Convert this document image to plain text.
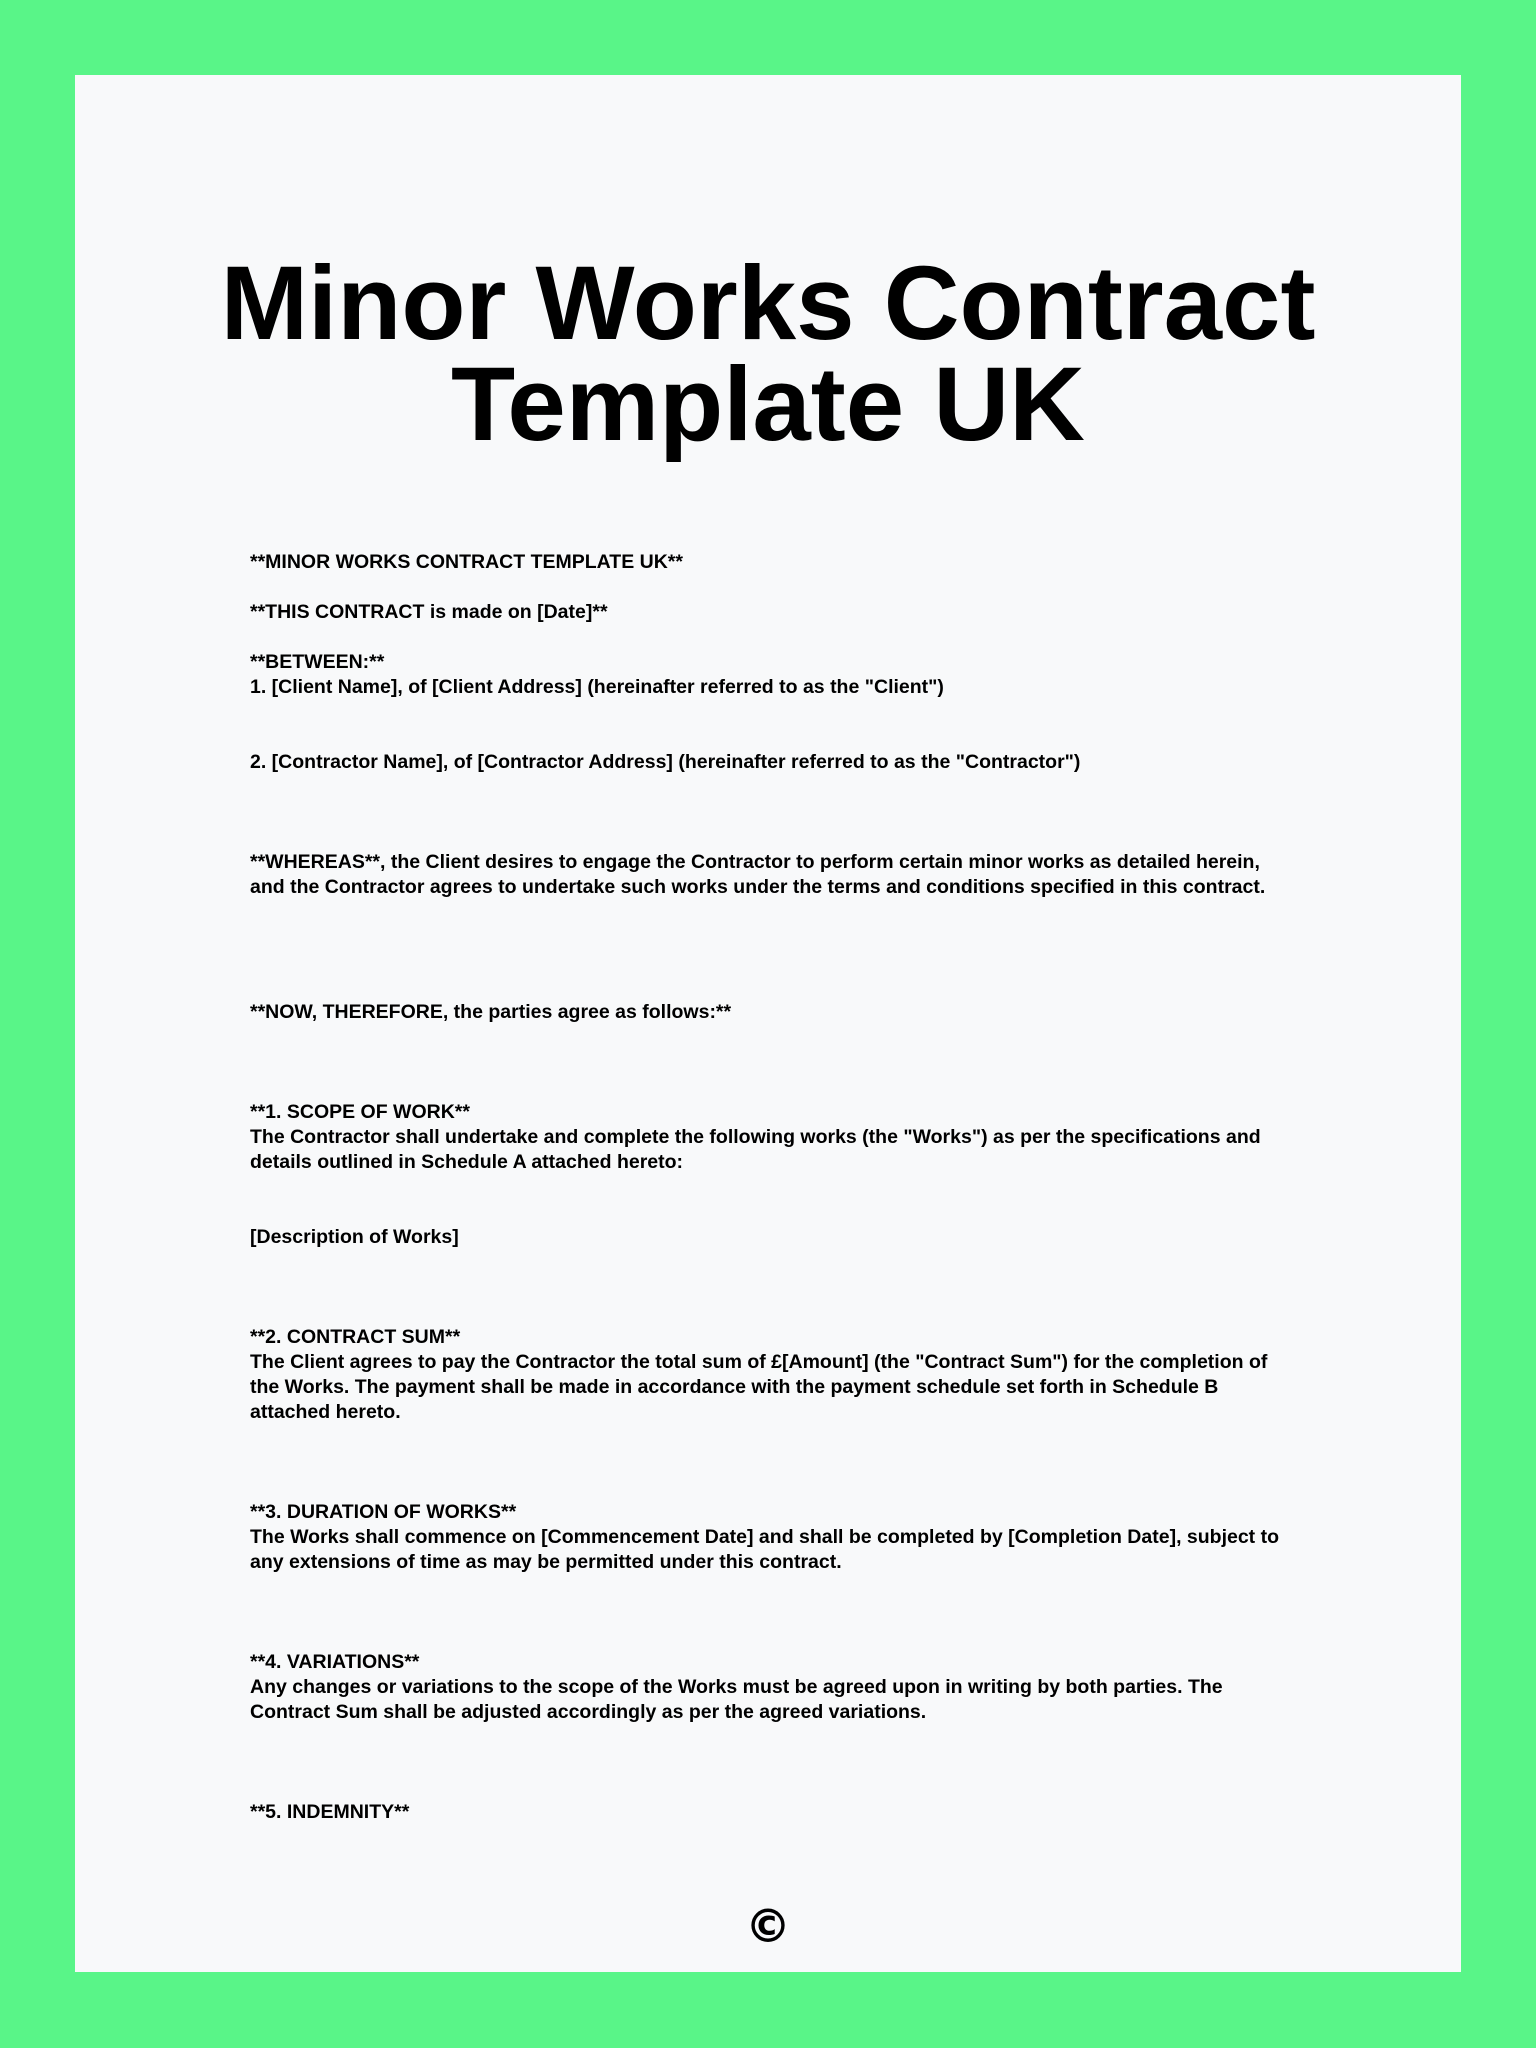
Minor Works Contract
Template UK

**MINOR WORKS CONTRACT TEMPLATE UK**

**THIS CONTRACT is made on [Date]**

**BETWEEN:**

1. [Client Name], of [Client Address] (hereinafter referred to as the "Client")

2. [Contractor Name], of [Contractor Address] (hereinafter referred to as the "Contractor")

**WHEREAS**, the Client desires to engage the Contractor to perform certain minor works as detailed herein, and the Contractor agrees to undertake such works under the terms and conditions specified in this contract.

**NOW, THEREFORE, the parties agree as follows:**

**1. SCOPE OF WORK**

The Contractor shall undertake and complete the following works (the "Works") as per the specifications and details outlined in Schedule A attached hereto:

[Description of Works]

**2. CONTRACT SUM**

The Client agrees to pay the Contractor the total sum of £[Amount] (the "Contract Sum") for the completion of the Works. The payment shall be made in accordance with the payment schedule set forth in Schedule B attached hereto.

**3. DURATION OF WORKS**

The Works shall commence on [Commencement Date] and shall be completed by [Completion Date], subject to any extensions of time as may be permitted under this contract.

**4. VARIATIONS**

Any changes or variations to the scope of the Works must be agreed upon in writing by both parties. The Contract Sum shall be adjusted accordingly as per the agreed variations.

**5. INDEMNITY**

©
